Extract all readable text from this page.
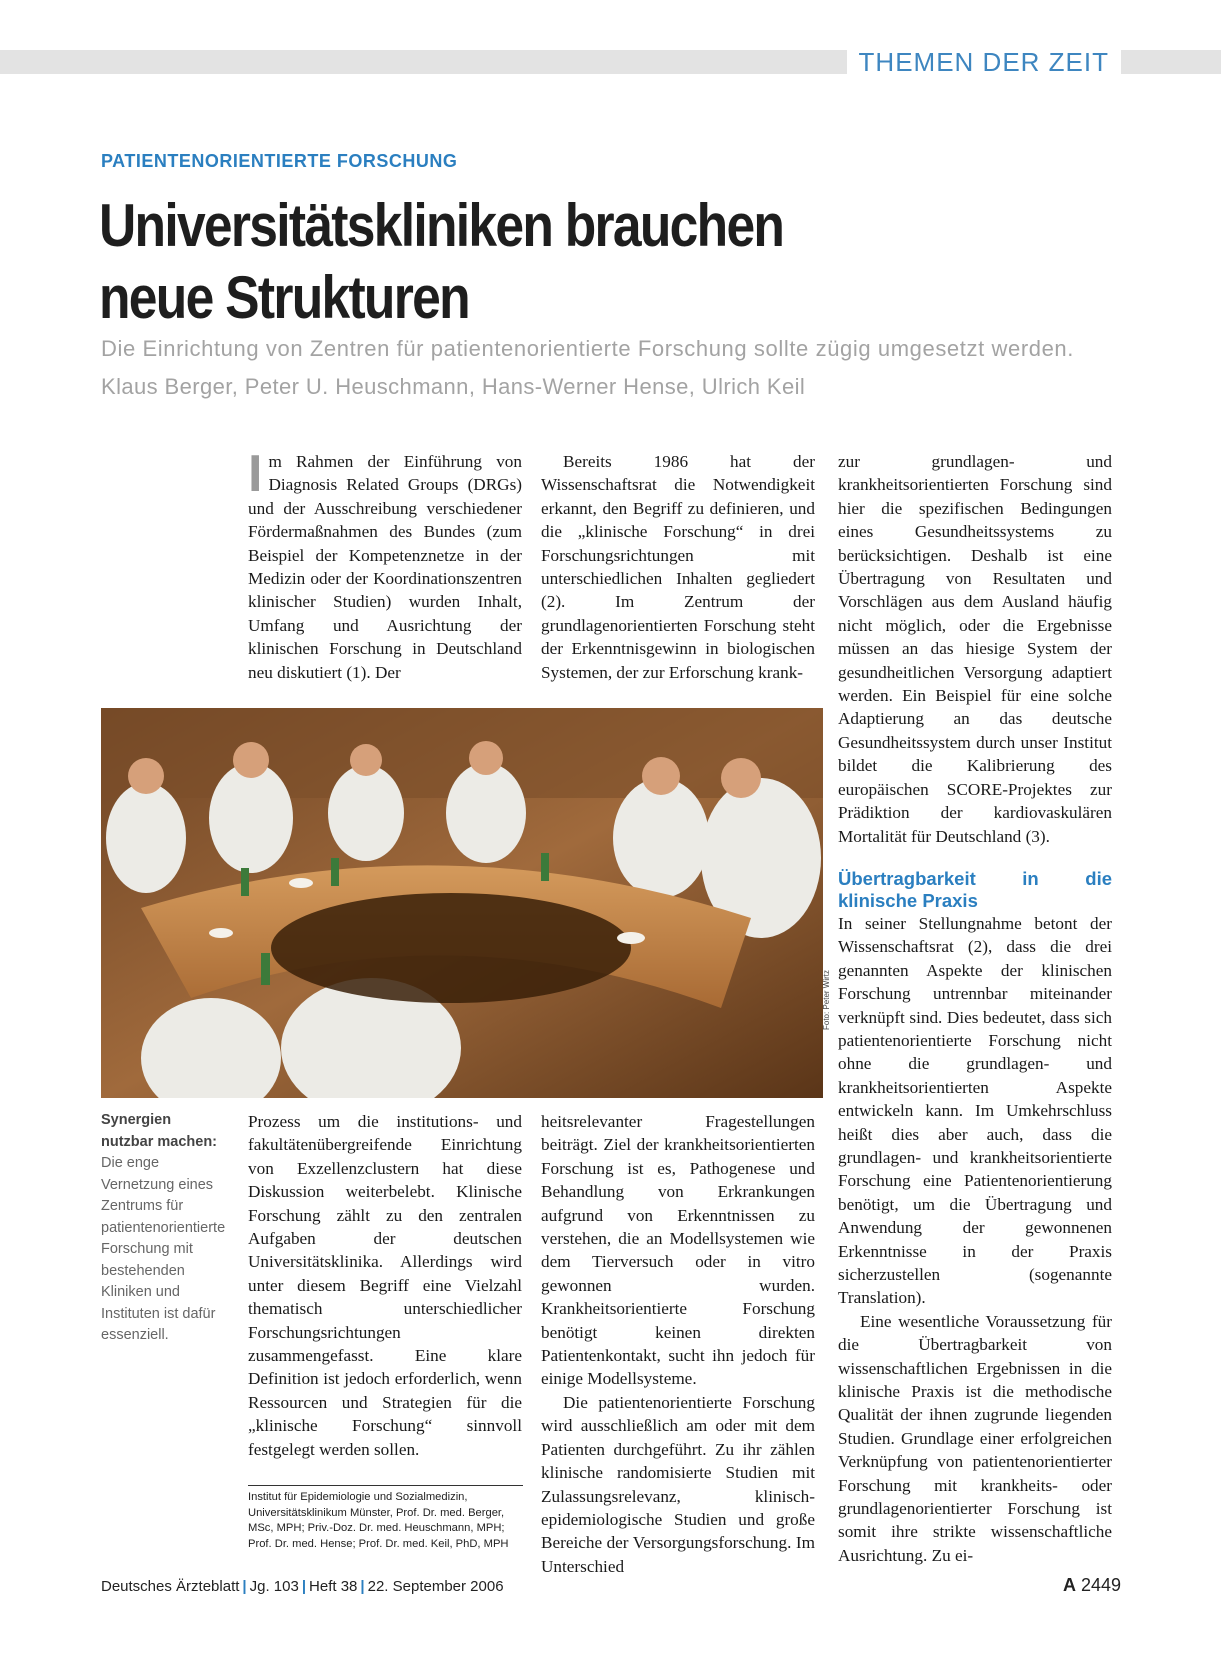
THEMEN DER ZEIT
PATIENTENORIENTIERTE FORSCHUNG
Universitätskliniken brauchen
neue Strukturen
Die Einrichtung von Zentren für patientenorientierte Forschung sollte zügig umgesetzt werden.
Klaus Berger, Peter U. Heuschmann, Hans-Werner Hense, Ulrich Keil

Im Rahmen der Einführung von Diagnosis Related Groups (DRGs) und der Ausschreibung verschiedener Fördermaßnahmen des Bundes (zum Beispiel der Kompetenznetze in der Medizin oder der Koordinationszentren klinischer Studien) wurden Inhalt, Umfang und Ausrichtung der klinischen Forschung in Deutschland neu diskutiert (1). Der

Bereits 1986 hat der Wissenschaftsrat die Notwendigkeit erkannt, den Begriff zu definieren, und die „klinische Forschung“ in drei Forschungsrichtungen mit unterschiedlichen Inhalten gegliedert (2). Im Zentrum der grundlagenorientierten Forschung steht der Erkenntnisgewinn in biologischen Systemen, der zur Erforschung krank-

zur grundlagen- und krankheitsorientierten Forschung sind hier die spezifischen Bedingungen eines Gesundheitssystems zu berücksichtigen. Deshalb ist eine Übertragung von Resultaten und Vorschlägen aus dem Ausland häufig nicht möglich, oder die Ergebnisse müssen an das hiesige System der gesundheitlichen Versorgung adaptiert werden. Ein Beispiel für eine solche Adaptierung an das deutsche Gesundheitssystem durch unser Institut bildet die Kalibrierung des europäischen SCORE-Projektes zur Prädiktion der kardiovaskulären Mortalität für Deutschland (3).

Übertragbarkeit in die klinische Praxis

In seiner Stellungnahme betont der Wissenschaftsrat (2), dass die drei genannten Aspekte der klinischen Forschung untrennbar miteinander verknüpft sind. Dies bedeutet, dass sich patientenorientierte Forschung nicht ohne die grundlagen- und krankheitsorientierten Aspekte entwickeln kann. Im Umkehrschluss heißt dies aber auch, dass die grundlagen- und krankheitsorientierte Forschung eine Patientenorientierung benötigt, um die Übertragung und Anwendung der gewonnenen Erkenntnisse in der Praxis sicherzustellen (sogenannte Translation).

Eine wesentliche Voraussetzung für die Übertragbarkeit von wissenschaftlichen Ergebnissen in die klinische Praxis ist die methodische Qualität der ihnen zugrunde liegenden Studien. Grundlage einer erfolgreichen Verknüpfung von patientenorientierter Forschung mit krankheits- oder grundlagenorientierter Forschung ist somit ihre strikte wissenschaftliche Ausrichtung. Zu ei-

Foto: Peter Wirtz
Synergien nutzbar machen:
Die enge Vernetzung eines Zentrums für patientenorientierte Forschung mit bestehenden Kliniken und Instituten ist dafür essenziell.

Prozess um die institutions- und fakultätenübergreifende Einrichtung von Exzellenzclustern hat diese Diskussion weiterbelebt. Klinische Forschung zählt zu den zentralen Aufgaben der deutschen Universitätsklinika. Allerdings wird unter diesem Begriff eine Vielzahl thematisch unterschiedlicher Forschungsrichtungen zusammengefasst. Eine klare Definition ist jedoch erforderlich, wenn Ressourcen und Strategien für die „klinische Forschung“ sinnvoll festgelegt werden sollen.

heitsrelevanter Fragestellungen beiträgt. Ziel der krankheitsorientierten Forschung ist es, Pathogenese und Behandlung von Erkrankungen aufgrund von Erkenntnissen zu verstehen, die an Modellsystemen wie dem Tierversuch oder in vitro gewonnen wurden. Krankheitsorientierte Forschung benötigt keinen direkten Patientenkontakt, sucht ihn jedoch für einige Modellsysteme.

Die patientenorientierte Forschung wird ausschließlich am oder mit dem Patienten durchgeführt. Zu ihr zählen klinische randomisierte Studien mit Zulassungsrelevanz, klinisch-epidemiologische Studien und große Bereiche der Versorgungsforschung. Im Unterschied

Institut für Epidemiologie und Sozialmedizin, Universitätsklinikum Münster, Prof. Dr. med. Berger, MSc, MPH; Priv.-Doz. Dr. med. Heuschmann, MPH; Prof. Dr. med. Hense; Prof. Dr. med. Keil, PhD, MPH
Deutsches Ärzteblatt | Jg. 103 | Heft 38 | 22. September 2006	A 2449
